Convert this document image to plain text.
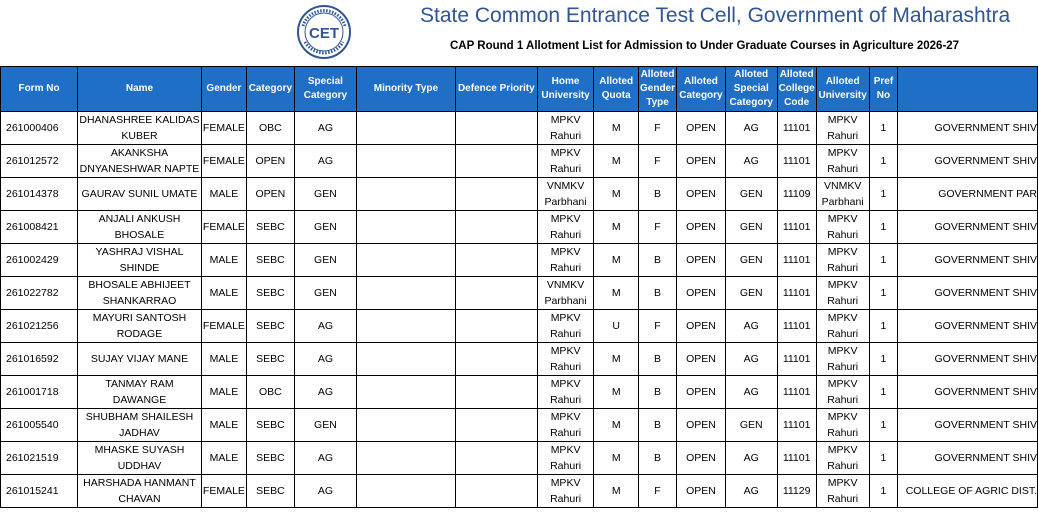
CET
State Common Entrance Test Cell, Government of Maharashtra
CAP Round 1 Allotment List for Admission to Under Graduate Courses in Agriculture 2026-27
Form No	Name	Gender	Category	Special Category	Minority Type	Defence Priority	Home University	Alloted Quota	Alloted Gender Type	Alloted Category	Alloted Special Category	Alloted College Code	Alloted University	Pref No	
261000406	DHANASHREE KALIDAS KUBER	FEMALE	OBC	AG			MPKV Rahuri	M	F	OPEN	AG	11101	MPKV Rahuri	1	GOVERNMENT SHIV
261012572	AKANKSHA DNYANESHWAR NAPTE	FEMALE	OPEN	AG			MPKV Rahuri	M	F	OPEN	AG	11101	MPKV Rahuri	1	GOVERNMENT SHIV
261014378	GAURAV SUNIL UMATE	MALE	OPEN	GEN			VNMKV Parbhani	M	B	OPEN	GEN	11109	VNMKV Parbhani	1	GOVERNMENT PAR
261008421	ANJALI ANKUSH BHOSALE	FEMALE	SEBC	GEN			MPKV Rahuri	M	F	OPEN	GEN	11101	MPKV Rahuri	1	GOVERNMENT SHIV
261002429	YASHRAJ VISHAL SHINDE	MALE	SEBC	GEN			MPKV Rahuri	M	B	OPEN	GEN	11101	MPKV Rahuri	1	GOVERNMENT SHIV
261022782	BHOSALE ABHIJEET SHANKARRAO	MALE	SEBC	GEN			VNMKV Parbhani	M	B	OPEN	GEN	11101	MPKV Rahuri	1	GOVERNMENT SHIV
261021256	MAYURI SANTOSH RODAGE	FEMALE	SEBC	AG			MPKV Rahuri	U	F	OPEN	AG	11101	MPKV Rahuri	1	GOVERNMENT SHIV
261016592	SUJAY VIJAY MANE	MALE	SEBC	AG			MPKV Rahuri	M	B	OPEN	AG	11101	MPKV Rahuri	1	GOVERNMENT SHIV
261001718	TANMAY RAM DAWANGE	MALE	OBC	AG			MPKV Rahuri	M	B	OPEN	AG	11101	MPKV Rahuri	1	GOVERNMENT SHIV
261005540	SHUBHAM SHAILESH JADHAV	MALE	SEBC	GEN			MPKV Rahuri	M	B	OPEN	GEN	11101	MPKV Rahuri	1	GOVERNMENT SHIV
261021519	MHASKE SUYASH UDDHAV	MALE	SEBC	AG			MPKV Rahuri	M	B	OPEN	AG	11101	MPKV Rahuri	1	GOVERNMENT SHIV
261015241	HARSHADA HANMANT CHAVAN	FEMALE	SEBC	AG			MPKV Rahuri	M	F	OPEN	AG	11129	MPKV Rahuri	1	COLLEGE OF AGRIC DIST.
